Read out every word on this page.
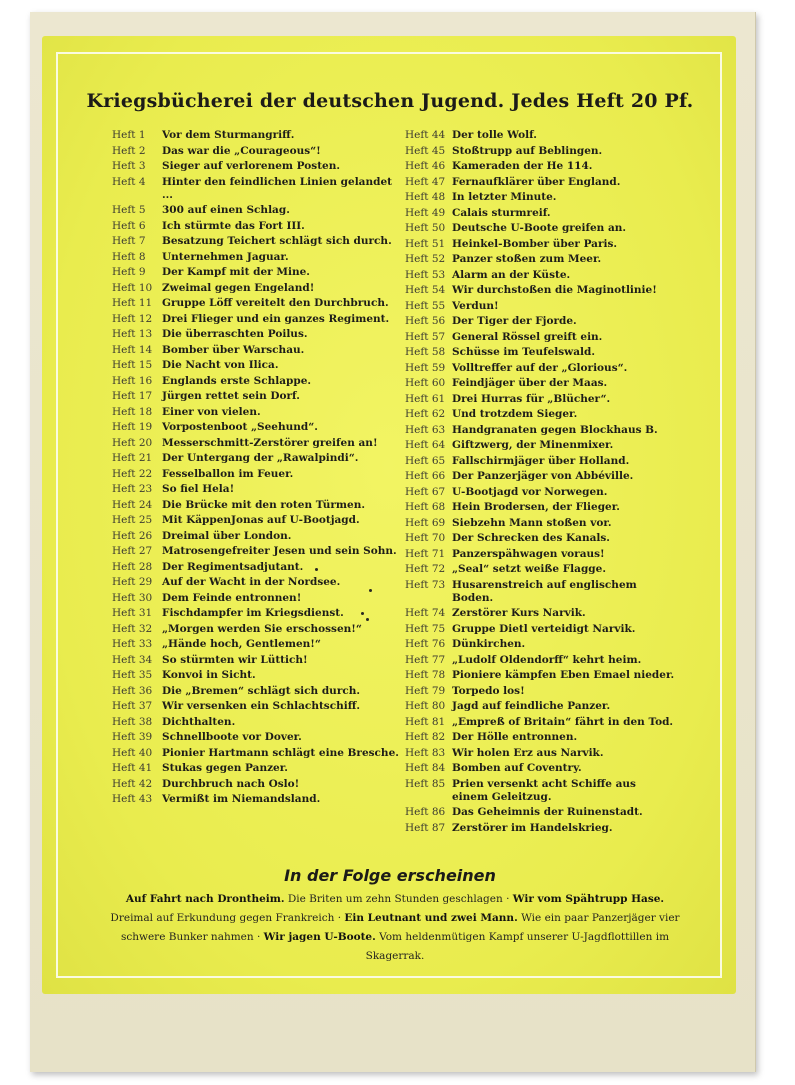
Kriegsbücherei der deutschen Jugend. Jedes Heft 20 Pf.
Heft 1	Vor dem Sturmangriff.
Heft 2	Das war die „Courageous“!
Heft 3	Sieger auf verlorenem Posten.
Heft 4	Hinter den feindlichen Linien gelandet ...
Heft 5	300 auf einen Schlag.
Heft 6	Ich stürmte das Fort III.
Heft 7	Besatzung Teichert schlägt sich durch.
Heft 8	Unternehmen Jaguar.
Heft 9	Der Kampf mit der Mine.
Heft 10 Zweimal gegen Engeland!
Heft 11 Gruppe Löff vereitelt den Durchbruch.
Heft 12 Drei Flieger und ein ganzes Regiment.
Heft 13 Die überraschten Poilus.
Heft 14 Bomber über Warschau.
Heft 15 Die Nacht von Ilica.
Heft 16 Englands erste Schlappe.
Heft 17 Jürgen rettet sein Dorf.
Heft 18 Einer von vielen.
Heft 19 Vorpostenboot „Seehund“.
Heft 20 Messerschmitt-Zerstörer greifen an!
Heft 21 Der Untergang der „Rawalpindi“.
Heft 22 Fesselballon im Feuer.
Heft 23 So fiel Hela!
Heft 24 Die Brücke mit den roten Türmen.
Heft 25 Mit KäppenJonas auf U-Bootjagd.
Heft 26 Dreimal über London.
Heft 27 Matrosengefreiter Jesen und sein Sohn.
Heft 28 Der Regimentsadjutant.
Heft 29 Auf der Wacht in der Nordsee.
Heft 30 Dem Feinde entronnen!
Heft 31 Fischdampfer im Kriegsdienst.
Heft 32 „Morgen werden Sie erschossen!“
Heft 33 „Hände hoch, Gentlemen!“
Heft 34 So stürmten wir Lüttich!
Heft 35 Konvoi in Sicht.
Heft 36 Die „Bremen“ schlägt sich durch.
Heft 37 Wir versenken ein Schlachtschiff.
Heft 38 Dichthalten.
Heft 39 Schnellboote vor Dover.
Heft 40 Pionier Hartmann schlägt eine Bresche.
Heft 41 Stukas gegen Panzer.
Heft 42 Durchbruch nach Oslo!
Heft 43 Vermißt im Niemandsland.
Heft 44 Der tolle Wolf.
Heft 45 Stoßtrupp auf Beblingen.
Heft 46 Kameraden der He 114.
Heft 47 Fernaufklärer über England.
Heft 48 In letzter Minute.
Heft 49 Calais sturmreif.
Heft 50 Deutsche U-Boote greifen an.
Heft 51 Heinkel-Bomber über Paris.
Heft 52 Panzer stoßen zum Meer.
Heft 53 Alarm an der Küste.
Heft 54 Wir durchstoßen die Maginotlinie!
Heft 55 Verdun!
Heft 56 Der Tiger der Fjorde.
Heft 57 General Rössel greift ein.
Heft 58 Schüsse im Teufelswald.
Heft 59 Volltreffer auf der „Glorious“.
Heft 60 Feindjäger über der Maas.
Heft 61 Drei Hurras für „Blücher“.
Heft 62 Und trotzdem Sieger.
Heft 63 Handgranaten gegen Blockhaus B.
Heft 64 Giftzwerg, der Minenmixer.
Heft 65 Fallschirmjäger über Holland.
Heft 66 Der Panzerjäger von Abbéville.
Heft 67 U-Bootjagd vor Norwegen.
Heft 68 Hein Brodersen, der Flieger.
Heft 69 Siebzehn Mann stoßen vor.
Heft 70 Der Schrecken des Kanals.
Heft 71 Panzerspähwagen voraus!
Heft 72 „Seal“ setzt weiße Flagge.
Heft 73 Husarenstreich auf englischem Boden.
Heft 74 Zerstörer Kurs Narvik.
Heft 75 Gruppe Dietl verteidigt Narvik.
Heft 76 Dünkirchen.
Heft 77 „Ludolf Oldendorff“ kehrt heim.
Heft 78 Pioniere kämpfen Eben Emael nieder.
Heft 79 Torpedo los!
Heft 80 Jagd auf feindliche Panzer.
Heft 81 „Empreß of Britain“ fährt in den Tod.
Heft 82 Der Hölle entronnen.
Heft 83 Wir holen Erz aus Narvik.
Heft 84 Bomben auf Coventry.
Heft 85 Prien versenkt acht Schiffe aus einem Geleitzug.
Heft 86 Das Geheimnis der Ruinenstadt.
Heft 87 Zerstörer im Handelskrieg.
In der Folge erscheinen
Auf Fahrt nach Drontheim. Die Briten um zehn Stunden geschlagen · Wir vom Spähtrupp Hase. Dreimal auf Erkundung gegen Frankreich · Ein Leutnant und zwei Mann. Wie ein paar Panzerjäger vier schwere Bunker nahmen · Wir jagen U-Boote. Vom heldenmütigen Kampf unserer U-Jagdflottillen im Skagerrak.
